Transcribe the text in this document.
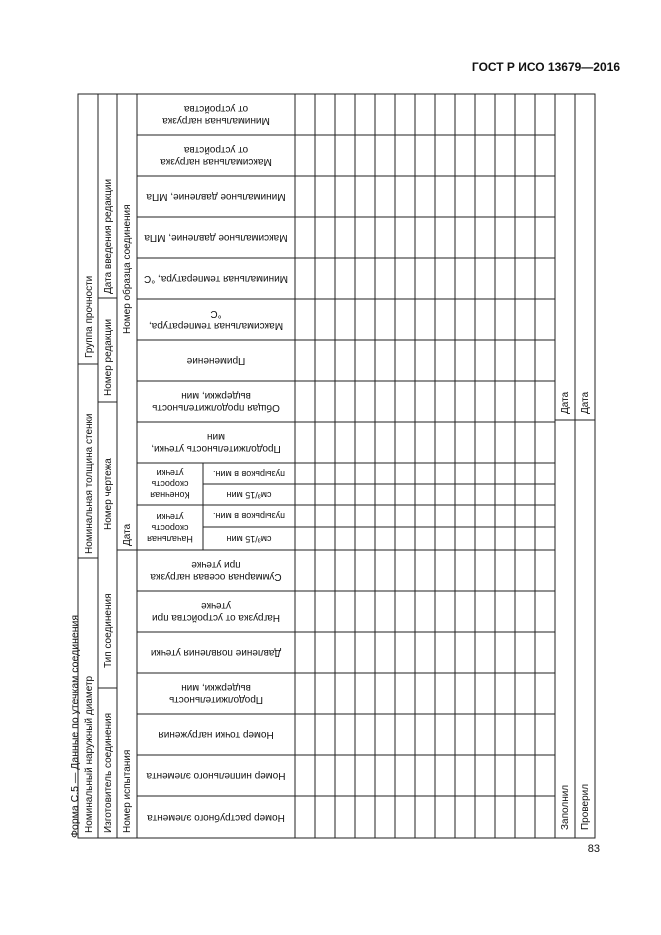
ГОСТ Р ИСО 13679—2016
83
Форма С.5 — Данные по утечкам соединения Номинальный наружный диаметр
Номинальная толщина стенки
Группа прочности
Изготовитель соединения
Тип соединения
Номер чертежа
Номер редакции
Дата введения редакции
Номер испытания
Дата
Номер образца соединения
Номер раструбного элемента
Номер ниппельного элемента
Номер точки нагружения
Продолжительность
выдержки, мин
Давление появления утечки
Нагрузка от устройства при
утечке
Суммарная осевая нагрузка
при утечке
Начальная
скорость
утечки
см³/15 мин
пузырьков в мин.
Конечная
скорость
утечки
см³/15 мин
пузырьков в мин.
Продолжительность утечки,
мин
Общая продолжительность
выдержки, мин
Применение
Максимальная температура,
°С
Минимальная температура, °С
Максимальное давление, МПа
Минимальное давление, МПа
Максимальная нагрузка
от устройства
Минимальная нагрузка
от устройства
Заполнил Проверил
Дата Дата
